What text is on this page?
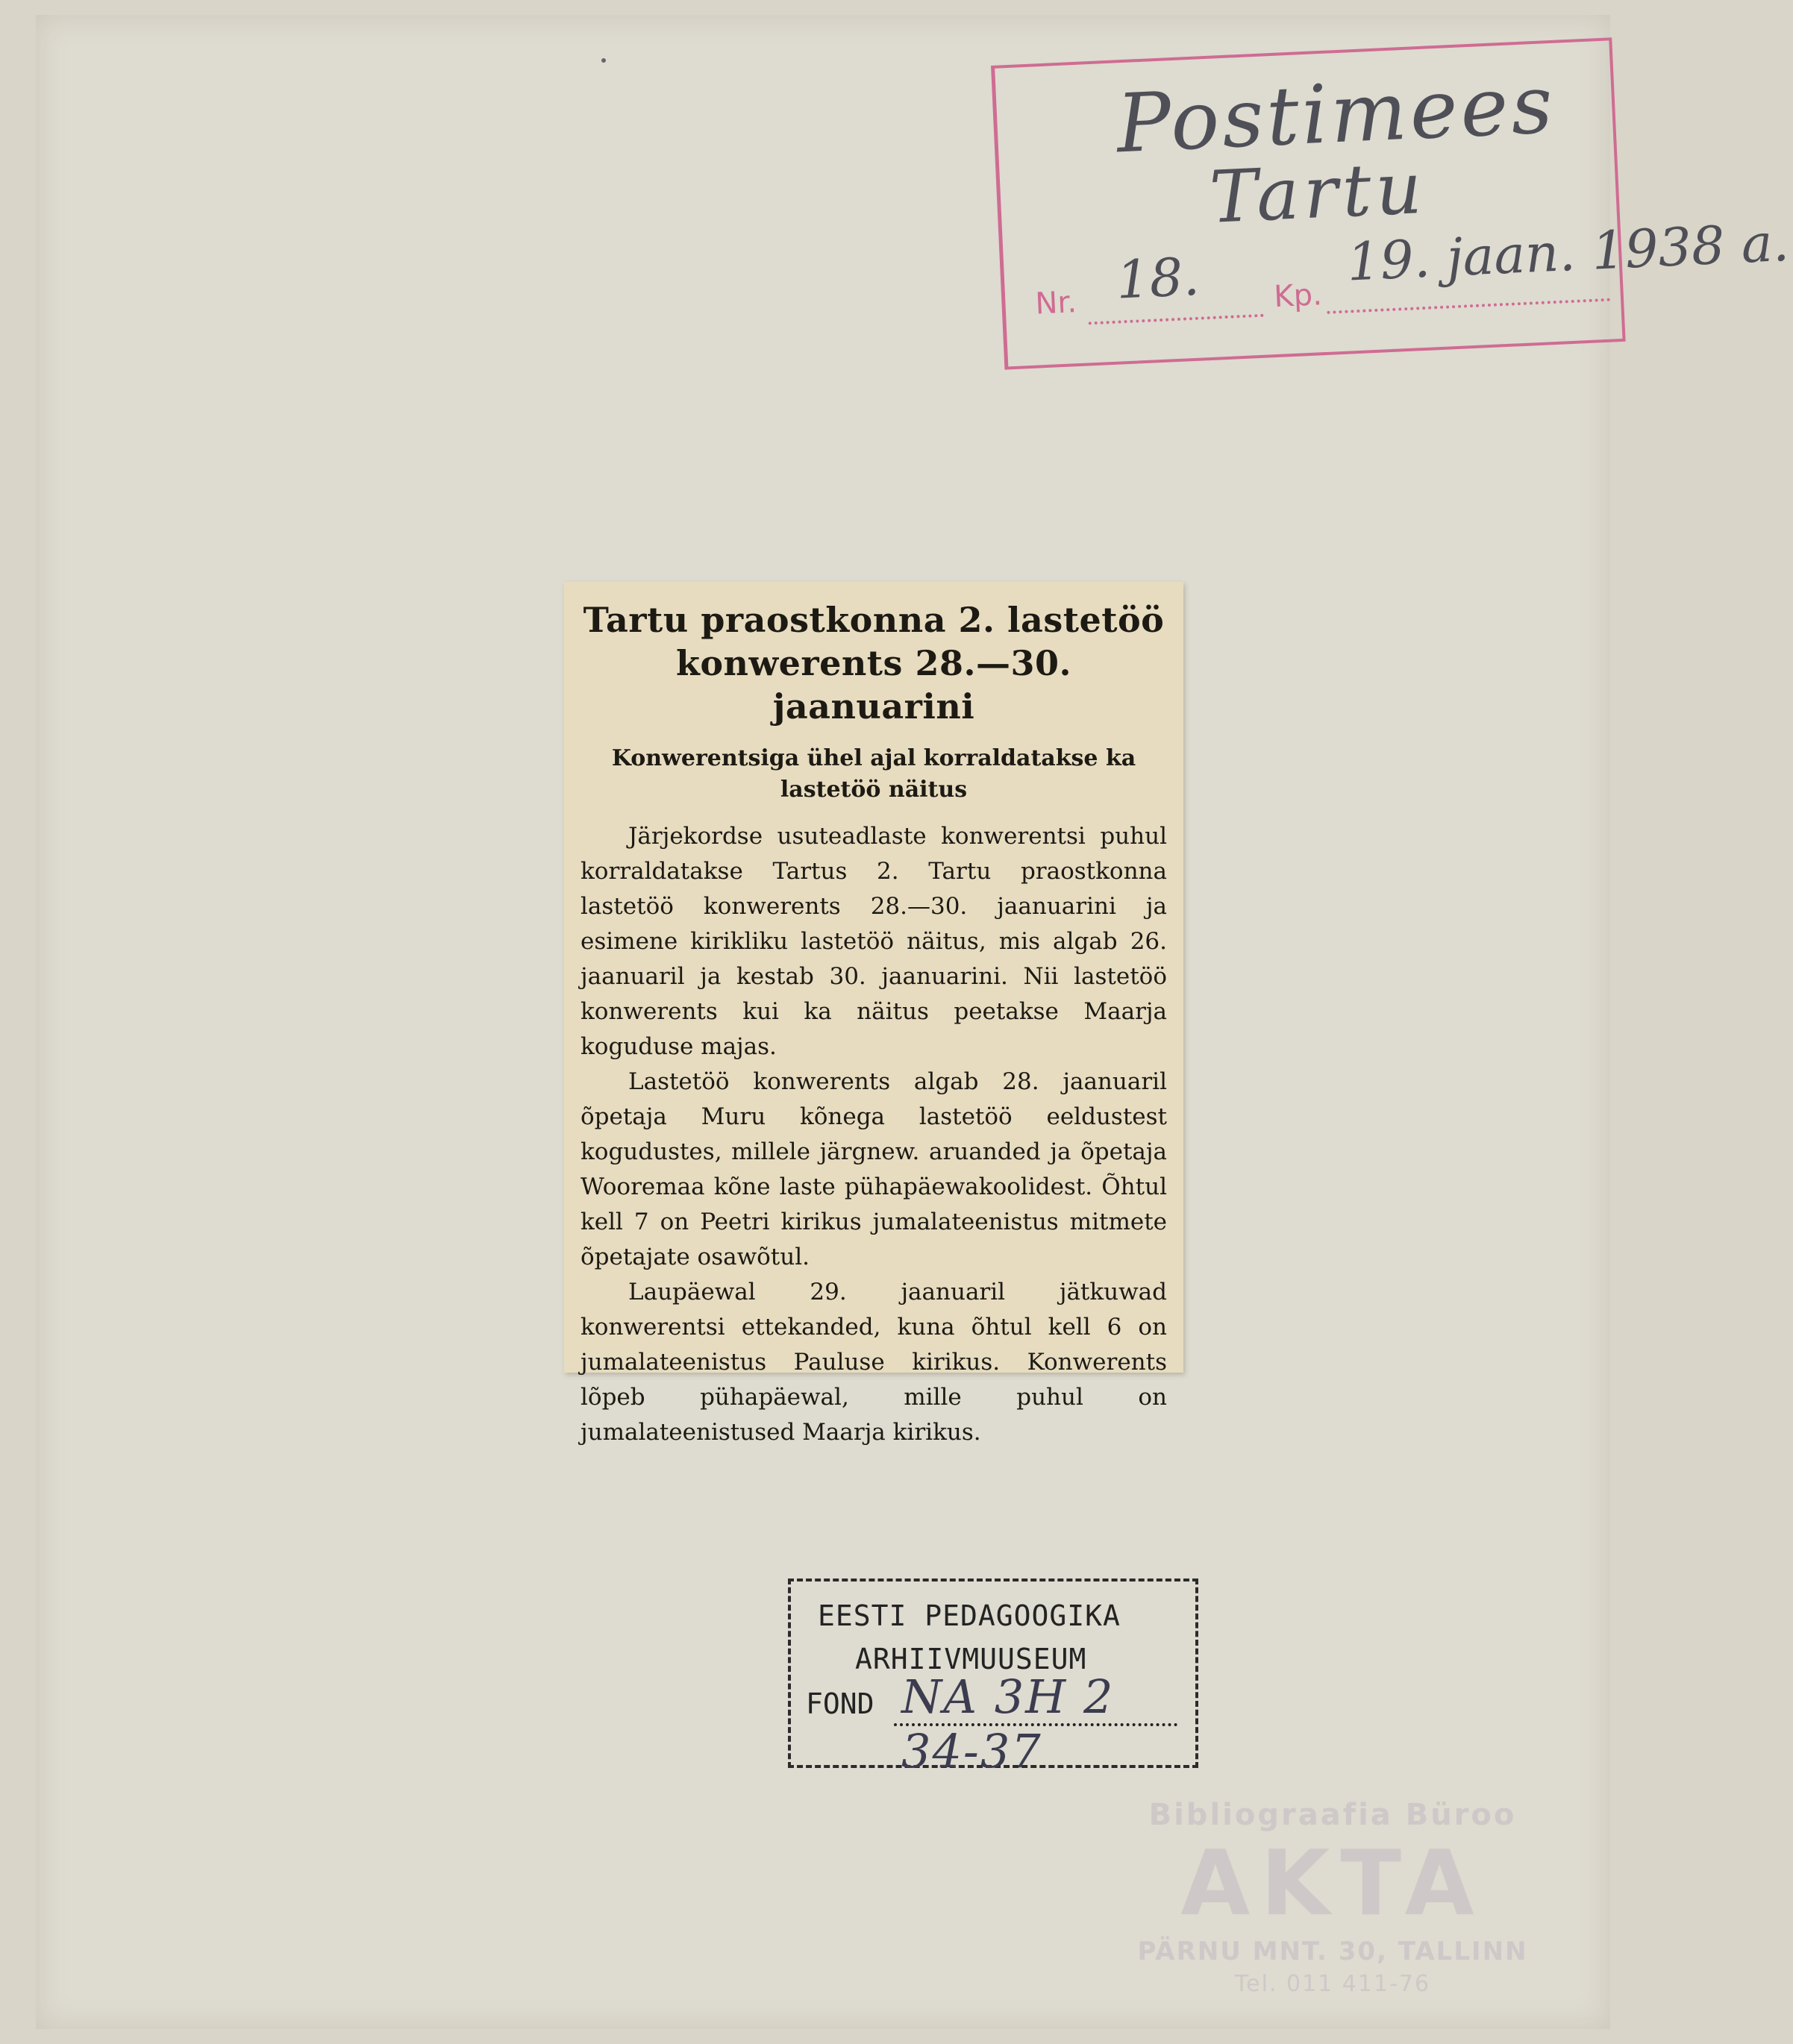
Postimees
Tartu
Nr. 18. Kp.
19. jaan. 1938 a.
Tartu praostkonna 2. lastetöö
konwerents 28.—30. jaanuarini
Konwerentsiga ühel ajal korraldatakse ka lastetöö näitus

Järjekordse usuteadlaste konwerentsi puhul korraldatakse Tartus 2. Tartu praostkonna lastetöö konwerents 28.—30. jaanuarini ja esimene kirikliku lastetöö näitus, mis algab 26. jaanuaril ja kestab 30. jaanuarini. Nii lastetöö konwerents kui ka näitus peetakse Maarja koguduse majas.

Lastetöö konwerents algab 28. jaanuaril õpetaja Muru kõnega lastetöö eeldustest kogudustes, millele järgnew. aruanded ja õpetaja Wooremaa kõne laste pühapäewakoolidest. Õhtul kell 7 on Peetri kirikus jumalateenistus mitmete õpetajate osawõtul.

Laupäewal 29. jaanuaril jätkuwad konwerentsi ettekanded, kuna õhtul kell 6 on jumalateenistus Pauluse kirikus. Konwerents lõpeb pühapäewal, mille puhul on jumalateenistused Maarja kirikus.

EESTI PEDAGOOGIKA
ARHIIVMUUSEUM
FOND NA 3H 2 34-37
Bibliograafia Büroo
AKTA
PÄRNU MNT. 30, TALLINN
Tel. 011 411-76
